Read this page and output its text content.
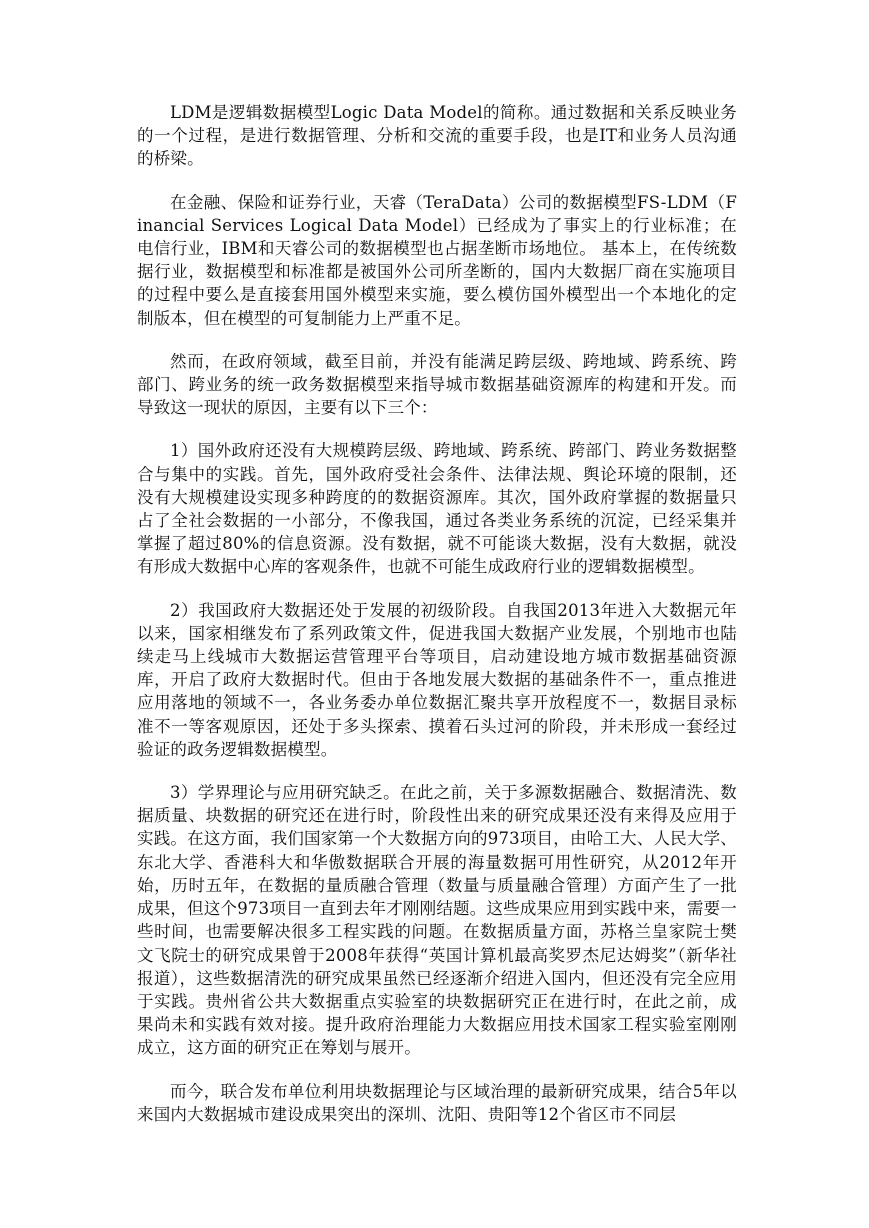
LDM是逻辑数据模型Logic Data Model的简称。通过数据和关系反映业务的一个过程，是进行数据管理、分析和交流的重要手段，也是IT和业务人员沟通的桥梁。

在金融、保险和证券行业，天睿（TeraData）公司的数据模型FS-LDM（Financial Services Logical Data Model）已经成为了事实上的行业标准；在电信行业，IBM和天睿公司的数据模型也占据垄断市场地位。 基本上，在传统数据行业，数据模型和标准都是被国外公司所垄断的，国内大数据厂商在实施项目的过程中要么是直接套用国外模型来实施，要么模仿国外模型出一个本地化的定制版本，但在模型的可复制能力上严重不足。

然而，在政府领域，截至目前，并没有能满足跨层级、跨地域、跨系统、跨部门、跨业务的统一政务数据模型来指导城市数据基础资源库的构建和开发。而导致这一现状的原因，主要有以下三个：

1）国外政府还没有大规模跨层级、跨地域、跨系统、跨部门、跨业务数据整合与集中的实践。首先，国外政府受社会条件、法律法规、舆论环境的限制，还没有大规模建设实现多种跨度的的数据资源库。其次，国外政府掌握的数据量只占了全社会数据的一小部分，不像我国，通过各类业务系统的沉淀，已经采集并掌握了超过80%的信息资源。没有数据，就不可能谈大数据，没有大数据，就没有形成大数据中心库的客观条件，也就不可能生成政府行业的逻辑数据模型。

2）我国政府大数据还处于发展的初级阶段。自我国2013年进入大数据元年以来，国家相继发布了系列政策文件，促进我国大数据产业发展，个别地市也陆续走马上线城市大数据运营管理平台等项目，启动建设地方城市数据基础资源库，开启了政府大数据时代。但由于各地发展大数据的基础条件不一，重点推进应用落地的领域不一，各业务委办单位数据汇聚共享开放程度不一，数据目录标准不一等客观原因，还处于多头探索、摸着石头过河的阶段，并未形成一套经过验证的政务逻辑数据模型。

3）学界理论与应用研究缺乏。在此之前，关于多源数据融合、数据清洗、数据质量、块数据的研究还在进行时，阶段性出来的研究成果还没有来得及应用于实践。在这方面，我们国家第一个大数据方向的973项目，由哈工大、人民大学、东北大学、香港科大和华傲数据联合开展的海量数据可用性研究，从2012年开始，历时五年，在数据的量质融合管理（数量与质量融合管理）方面产生了一批成果，但这个973项目一直到去年才刚刚结题。这些成果应用到实践中来，需要一些时间，也需要解决很多工程实践的问题。在数据质量方面，苏格兰皇家院士樊文飞院士的研究成果曾于2008年获得“英国计算机最高奖罗杰尼达姆奖”（新华社报道），这些数据清洗的研究成果虽然已经逐渐介绍进入国内，但还没有完全应用于实践。贵州省公共大数据重点实验室的块数据研究正在进行时，在此之前，成果尚未和实践有效对接。提升政府治理能力大数据应用技术国家工程实验室刚刚成立，这方面的研究正在筹划与展开。

而今，联合发布单位利用块数据理论与区域治理的最新研究成果，结合5年以来国内大数据城市建设成果突出的深圳、沈阳、贵阳等12个省区市不同层
